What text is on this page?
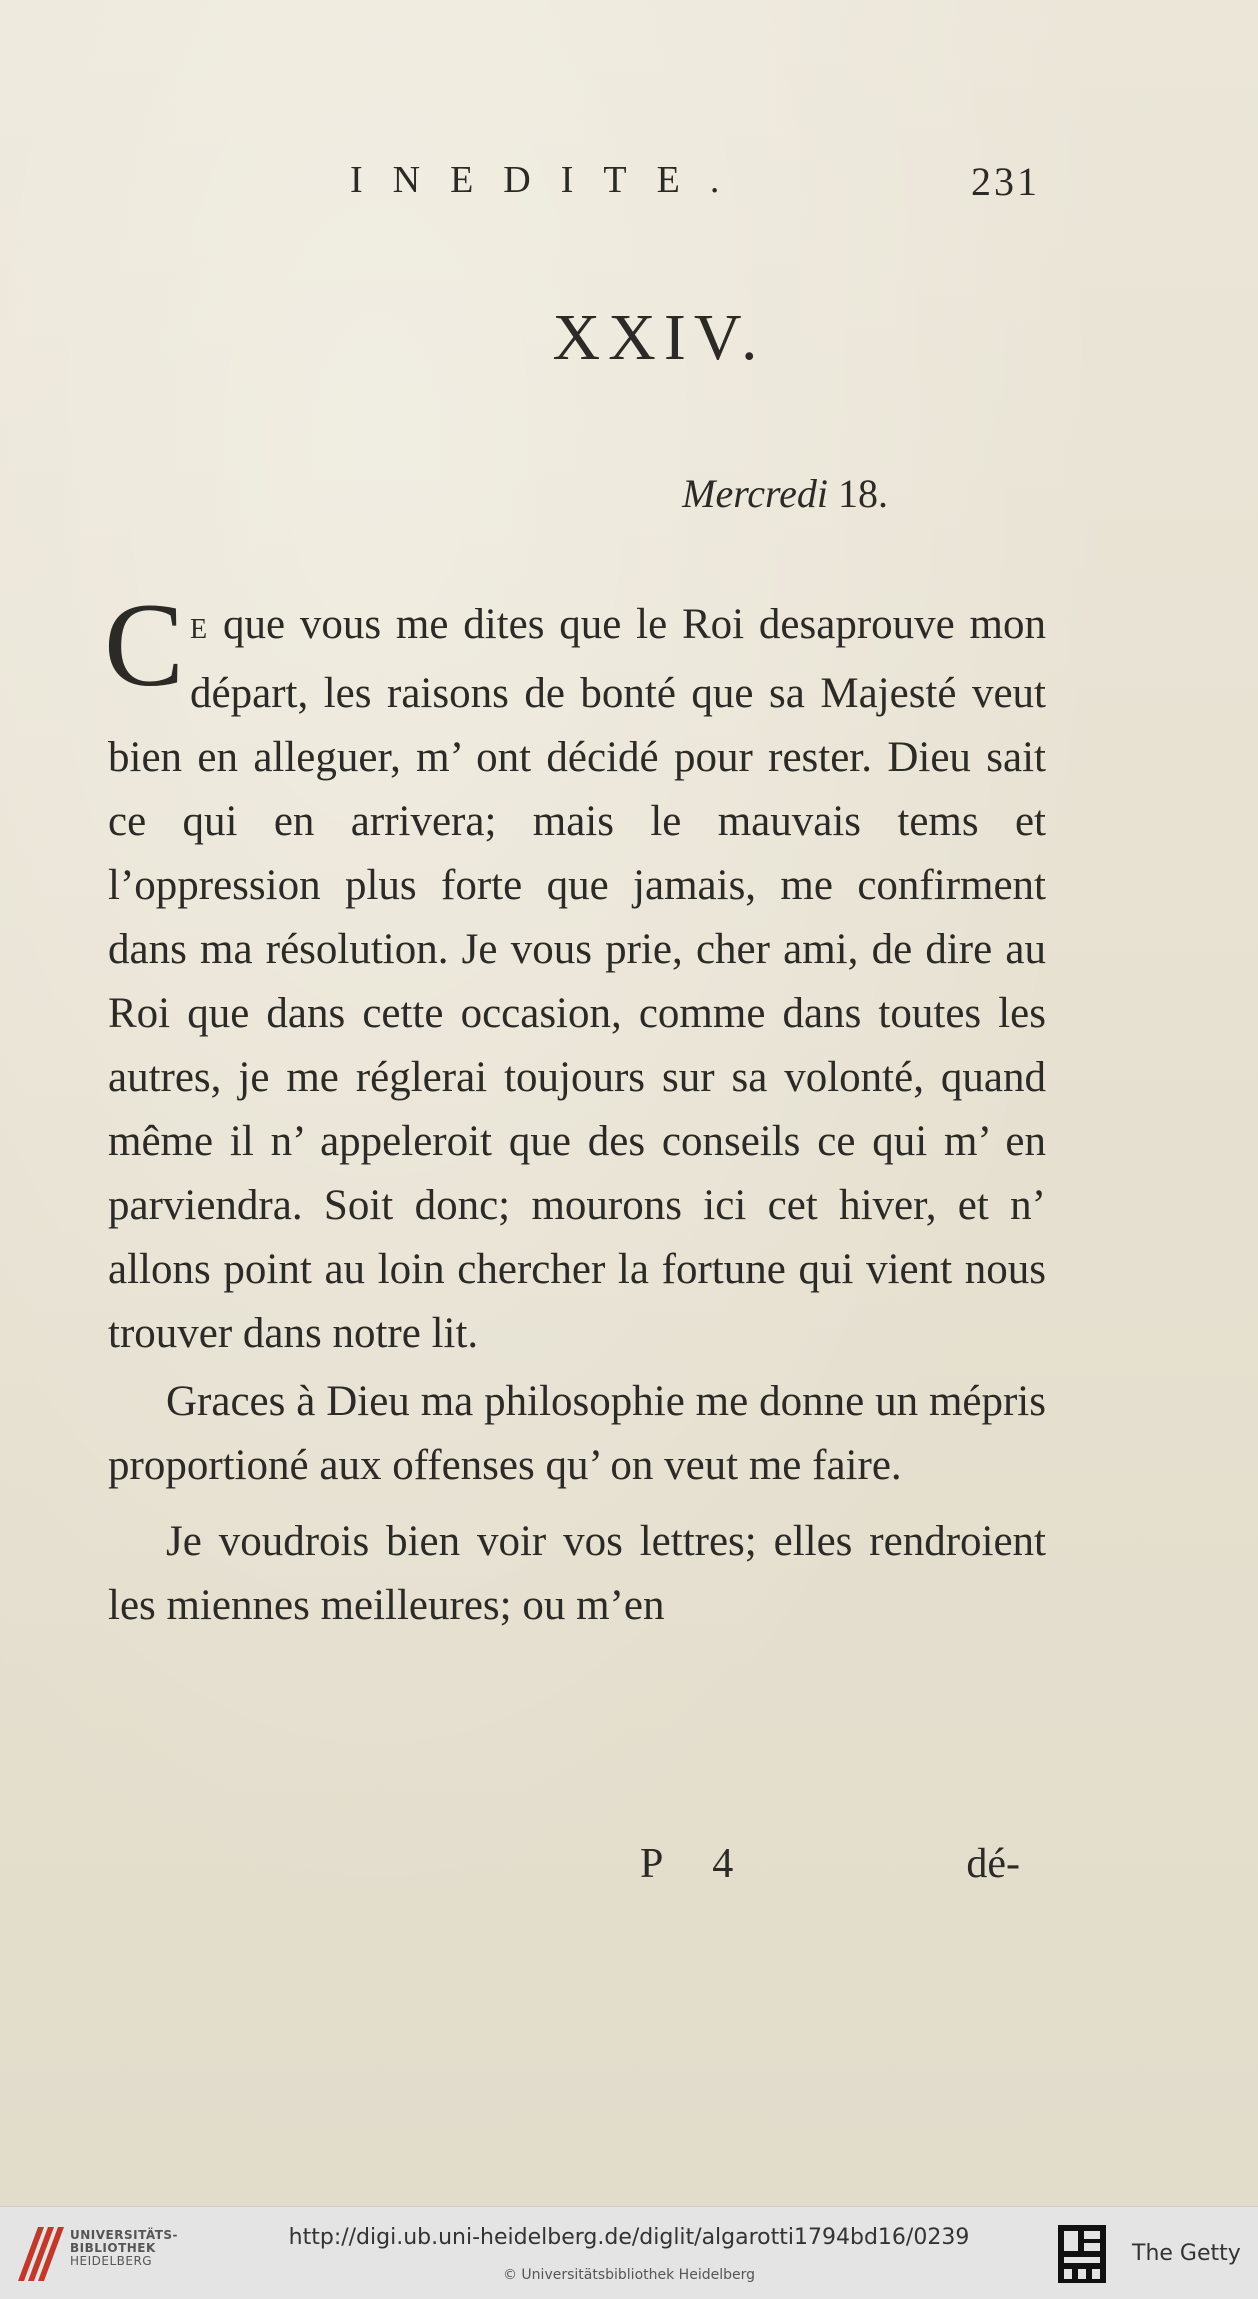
INEDITE.	231
XXIV.
Mercredi 18.

C E que vous me dites que le Roi desaprouve mon départ, les raisons de bonté que sa Majesté veut bien en alleguer, m’ ont décidé pour rester. Dieu sait ce qui en arrivera; mais le mauvais tems et l’oppression plus forte que jamais, me confirment dans ma résolution. Je vous prie, cher ami, de dire au Roi que dans cette occasion, comme dans toutes les autres, je me réglerai toujours sur sa volonté, quand même il n’ appeleroit que des conseils ce qui m’ en parviendra. Soit donc; mourons ici cet hiver, et n’ allons point au loin chercher la fortune qui vient nous trouver dans notre lit.

Graces à Dieu ma philosophie me donne un mépris proportioné aux offenses qu’ on veut me faire.

Je voudrois bien voir vos lettres; elles rendroient les miennes meilleures; ou m’en

P 4	dé-
UNIVERSITÄTS-
BIBLIOTHEK
HEIDELBERG
http://digi.ub.uni-heidelberg.de/diglit/algarotti1794bd16/0239
© Universitätsbibliothek Heidelberg
The Getty
